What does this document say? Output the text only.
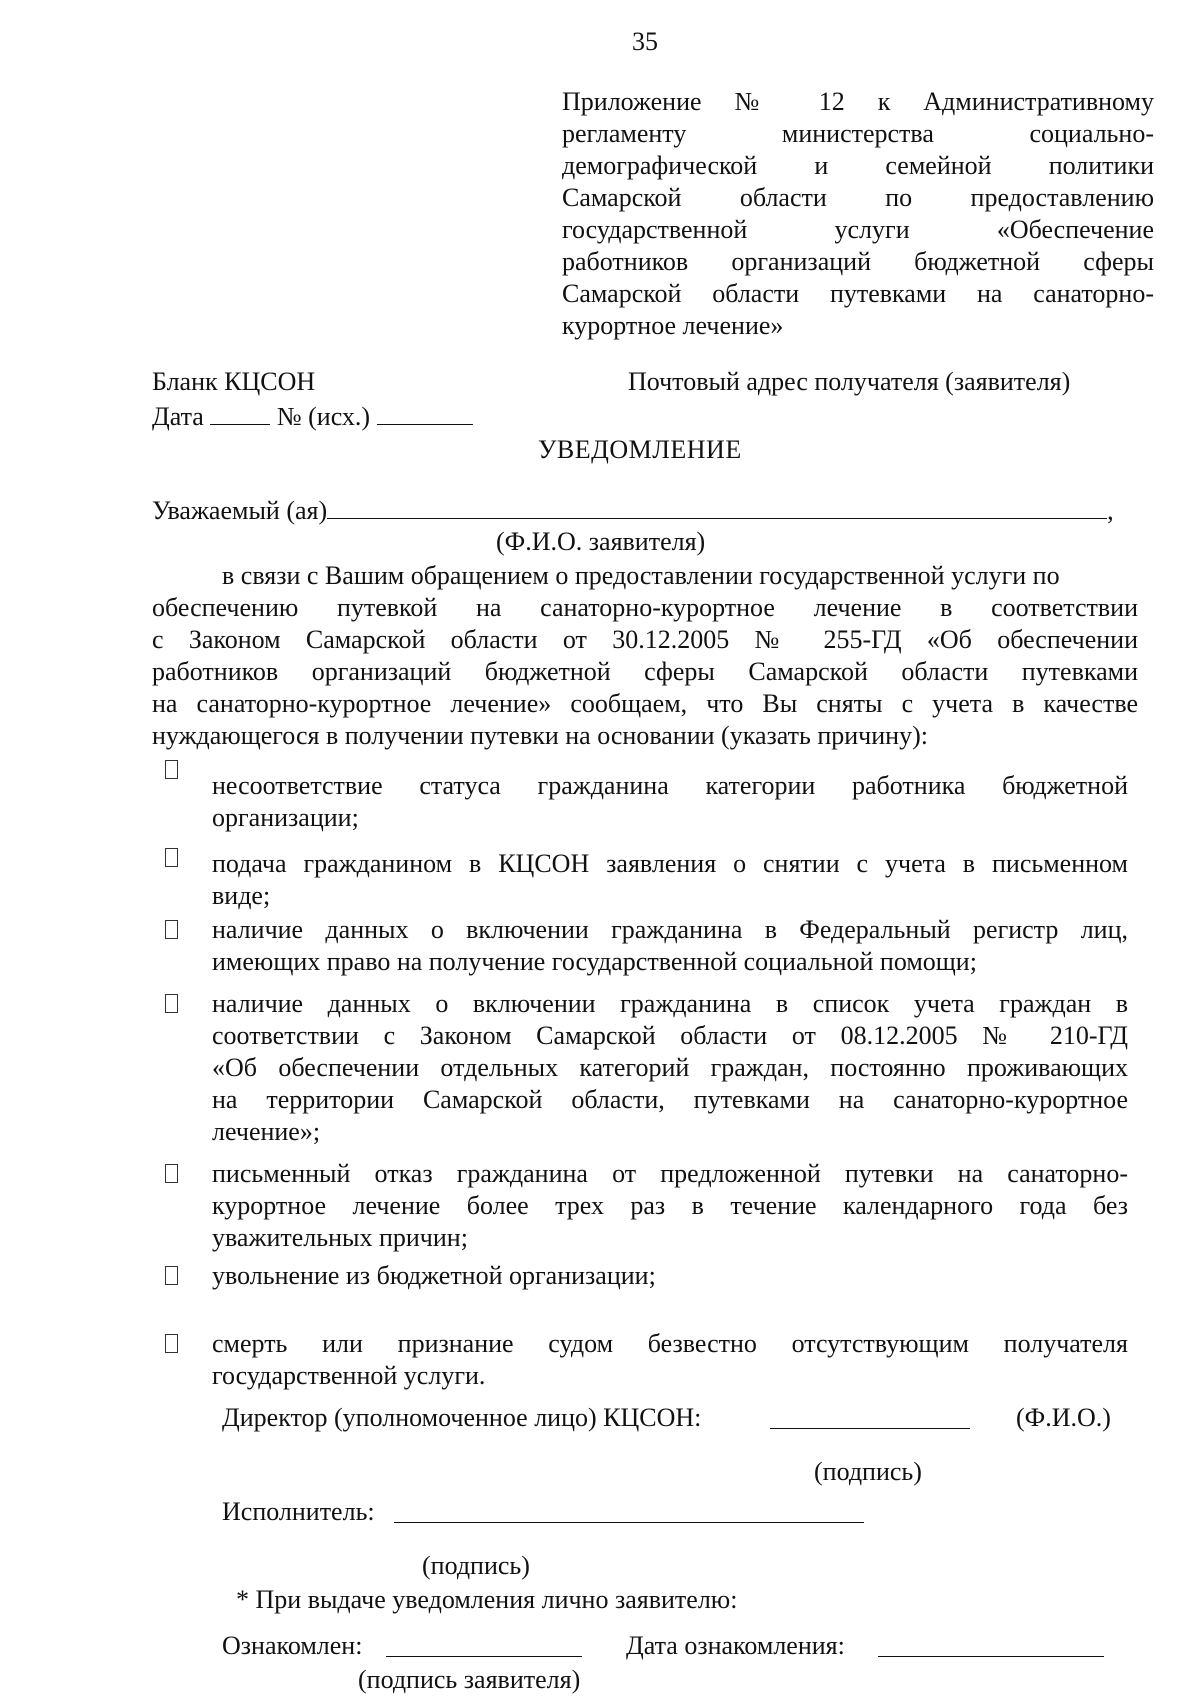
35
Приложение № 12 к Административному
регламенту министерства социально-
демографической и семейной политики
Самарской области по предоставлению
государственной услуги «Обеспечение
работников организаций бюджетной сферы
Самарской области путевками на санаторно-
курортное лечение»
Бланк КЦСОН	Почтовый адрес получателя (заявителя)
Дата	№ (исх.)
УВЕДОМЛЕНИЕ
Уважаемый (ая)	,
(Ф.И.О. заявителя)
в связи с Вашим обращением о предоставлении государственной услуги по
обеспечению путевкой на санаторно-курортное лечение в соответствии
с Законом Самарской области от 30.12.2005 № 255-ГД «Об обеспечении
работников организаций бюджетной сферы Самарской области путевками
на санаторно-курортное лечение» сообщаем, что Вы сняты с учета в качестве
нуждающегося в получении путевки на основании (указать причину):
несоответствие статуса гражданина категории работника бюджетной
организации;
подача гражданином в КЦСОН заявления о снятии с учета в письменном
виде;
наличие данных о включении гражданина в Федеральный регистр лиц,
имеющих право на получение государственной социальной помощи;
наличие данных о включении гражданина в список учета граждан в
соответствии с Законом Самарской области от 08.12.2005 № 210-ГД
«Об обеспечении отдельных категорий граждан, постоянно проживающих
на территории Самарской области, путевками на санаторно-курортное
лечение»;
письменный отказ гражданина от предложенной путевки на санаторно-
курортное лечение более трех раз в течение календарного года без
уважительных причин;
увольнение из бюджетной организации;
смерть или признание судом безвестно отсутствующим получателя
государственной услуги.
Директор (уполномоченное лицо) КЦСОН:	(Ф.И.О.)
(подпись)
Исполнитель:
(подпись)
* При выдаче уведомления лично заявителю:
Ознакомлен:	Дата ознакомления:
(подпись заявителя)
